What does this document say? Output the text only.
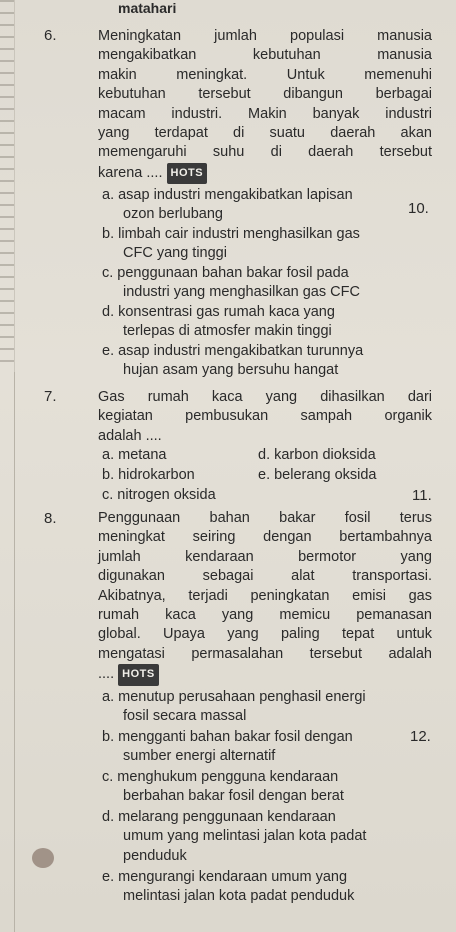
matahari
6.	Meningkatan jumlah populasi manusia
mengakibatkan kebutuhan manusia
makin meningkat. Untuk memenuhi
kebutuhan tersebut dibangun berbagai
macam industri. Makin banyak industri
yang terdapat di suatu daerah akan
memengaruhi suhu di daerah tersebut
karena .... HOTS
a. asap industri mengakibatkan lapisan
ozon berlubang
b. limbah cair industri menghasilkan gas
CFC yang tinggi
c. penggunaan bahan bakar fosil pada
industri yang menghasilkan gas CFC
d. konsentrasi gas rumah kaca yang
terlepas di atmosfer makin tinggi
e. asap industri mengakibatkan turunnya
hujan asam yang bersuhu hangat
10.
7.	Gas rumah kaca yang dihasilkan dari
kegiatan pembusukan sampah organik
adalah ....
a. metana	d. karbon dioksida
b. hidrokarbon	e. belerang oksida
c. nitrogen oksida	11.
8.	Penggunaan bahan bakar fosil terus
meningkat seiring dengan bertambahnya
jumlah kendaraan bermotor yang
digunakan sebagai alat transportasi.
Akibatnya, terjadi peningkatan emisi gas
rumah kaca yang memicu pemanasan
global. Upaya yang paling tepat untuk
mengatasi permasalahan tersebut adalah
.... HOTS
a. menutup perusahaan penghasil energi
fosil secara massal
b. mengganti bahan bakar fosil dengan
sumber energi alternatif
12.
c. menghukum pengguna kendaraan
berbahan bakar fosil dengan berat
d. melarang penggunaan kendaraan
umum yang melintasi jalan kota padat
penduduk
e. mengurangi kendaraan umum yang
melintasi jalan kota padat penduduk
